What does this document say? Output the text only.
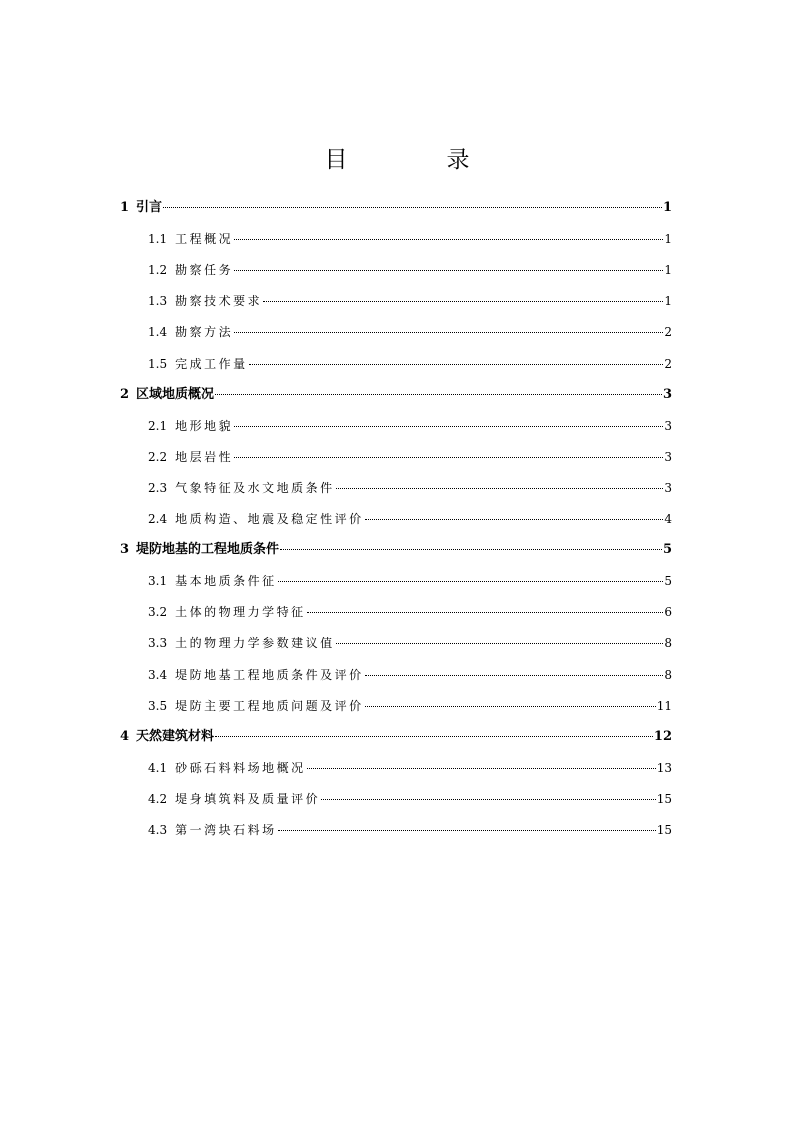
目　录
1 引言	1
1.1 工程概况	1
1.2 勘察任务	1
1.3 勘察技术要求	1
1.4 勘察方法	2
1.5 完成工作量	2
2 区域地质概况	3
2.1 地形地貌	3
2.2 地层岩性	3
2.3 气象特征及水文地质条件	3
2.4 地质构造、地震及稳定性评价	4
3 堤防地基的工程地质条件	5
3.1 基本地质条件征	5
3.2 土体的物理力学特征	6
3.3 土的物理力学参数建议值	8
3.4 堤防地基工程地质条件及评价	8
3.5 堤防主要工程地质问题及评价	11
4 天然建筑材料	12
4.1 砂砾石料料场地概况	13
4.2 堤身填筑料及质量评价	15
4.3 第一湾块石料场	15
